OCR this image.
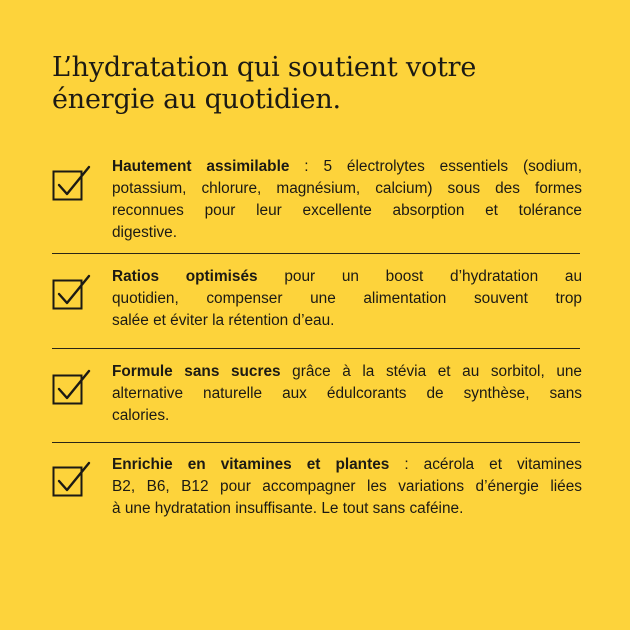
L’hydratation qui soutient votre
énergie au quotidien.
Hautement assimilable : 5 électrolytes essentiels (sodium,
potassium, chlorure, magnésium, calcium) sous des formes
reconnues pour leur excellente absorption et tolérance
digestive.
Ratios optimisés pour un boost d’hydratation au
quotidien, compenser une alimentation souvent trop
salée et éviter la rétention d’eau.
Formule sans sucres grâce à la stévia et au sorbitol, une
alternative naturelle aux édulcorants de synthèse, sans
calories.
Enrichie en vitamines et plantes : acérola et vitamines
B2, B6, B12 pour accompagner les variations d’énergie liées
à une hydratation insuffisante. Le tout sans caféine.
